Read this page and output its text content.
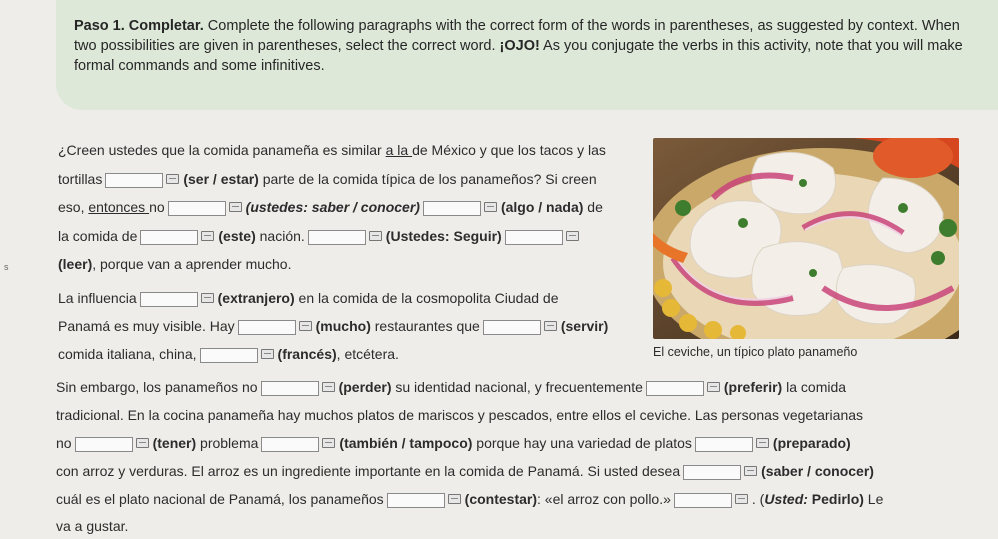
Paso 1. Completar. Complete the following paragraphs with the correct form of the words in parentheses, as suggested by context. When two possibilities are given in parentheses, select the correct word. ¡OJO! As you conjugate the verbs in this activity, note that you will make formal commands and some infinitives.

s
¿Creen ustedes que la comida panameña es similar a la de México y que los tacos y las
tortillas	(ser / estar) parte de la comida típica de los panameños? Si creen
eso, entonces no	(ustedes: saber / conocer)	(algo / nada) de
la comida de	(este) nación.	(Ustedes: Seguir)
(leer), porque van a aprender mucho.
La influencia	(extranjero) en la comida de la cosmopolita Ciudad de
Panamá es muy visible. Hay	(mucho) restaurantes que	(servir)
comida italiana, china,	(francés), etcétera.	El ceviche, un típico plato panameño
Sin embargo, los panameños no	(perder) su identidad nacional, y frecuentemente	(preferir) la comida
tradicional. En la cocina panameña hay muchos platos de mariscos y pescados, entre ellos el ceviche. Las personas vegetarianas
no	(tener) problema	(también / tampoco) porque hay una variedad de platos	(preparado)
con arroz y verduras. El arroz es un ingrediente importante en la comida de Panamá. Si usted desea	(saber / conocer)
cuál es el plato nacional de Panamá, los panameños	(contestar): «el arroz con pollo.»	. (Usted: Pedirlo) Le
va a gustar.
